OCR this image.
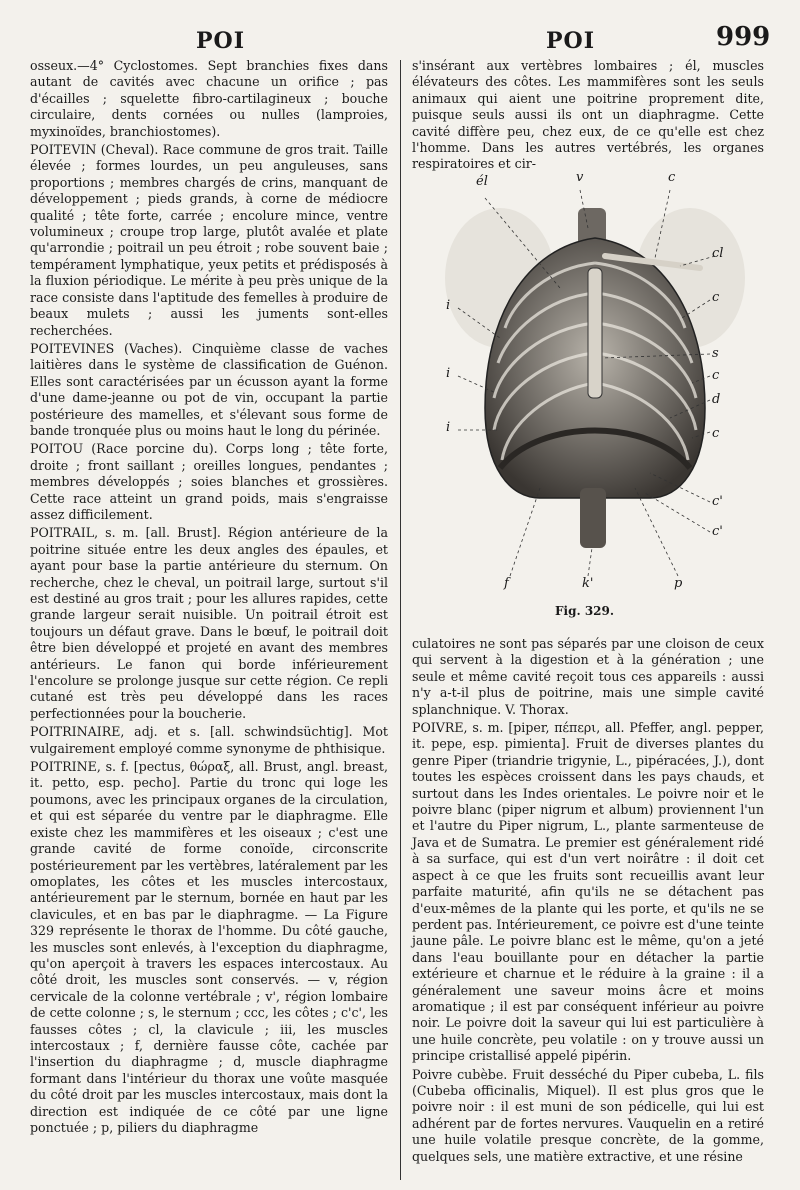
POI	POI	999

osseux.—4° Cyclostomes. Sept branchies fixes dans autant de cavités avec chacune un orifice ; pas d'écailles ; squelette fibro-cartilagineux ; bouche circulaire, dents cornées ou nulles (lamproies, myxinoïdes, branchiostomes).

POITEVIN (Cheval). Race commune de gros trait. Taille élevée ; formes lourdes, un peu anguleuses, sans proportions ; membres chargés de crins, manquant de développement ; pieds grands, à corne de médiocre qualité ; tête forte, carrée ; encolure mince, ventre volumineux ; croupe trop large, plutôt avalée et plate qu'arrondie ; poitrail un peu étroit ; robe souvent baie ; tempérament lymphatique, yeux petits et prédisposés à la fluxion périodique. Le mérite à peu près unique de la race consiste dans l'aptitude des femelles à produire de beaux mulets ; aussi les juments sont-elles recherchées.

POITEVINES (Vaches). Cinquième classe de vaches laitières dans le système de classification de Guénon. Elles sont caractérisées par un écusson ayant la forme d'une dame-jeanne ou pot de vin, occupant la partie postérieure des mamelles, et s'élevant sous forme de bande tronquée plus ou moins haut le long du périnée.

POITOU (Race porcine du). Corps long ; tête forte, droite ; front saillant ; oreilles longues, pendantes ; membres développés ; soies blanches et grossières. Cette race atteint un grand poids, mais s'engraisse assez difficilement.

POITRAIL, s. m. [all. Brust]. Région antérieure de la poitrine située entre les deux angles des épaules, et ayant pour base la partie antérieure du sternum. On recherche, chez le cheval, un poitrail large, surtout s'il est destiné au gros trait ; pour les allures rapides, cette grande largeur serait nuisible. Un poitrail étroit est toujours un défaut grave. Dans le bœuf, le poitrail doit être bien développé et projeté en avant des membres antérieurs. Le fanon qui borde inférieurement l'encolure se prolonge jusque sur cette région. Ce repli cutané est très peu développé dans les races perfectionnées pour la boucherie.

POITRINAIRE, adj. et s. [all. schwindsüchtig]. Mot vulgairement employé comme synonyme de phthisique.

POITRINE, s. f. [pectus, θώραξ, all. Brust, angl. breast, it. petto, esp. pecho]. Partie du tronc qui loge les poumons, avec les principaux organes de la circulation, et qui est séparée du ventre par le diaphragme. Elle existe chez les mammifères et les oiseaux ; c'est une grande cavité de forme conoïde, circonscrite postérieurement par les vertèbres, latéralement par les omoplates, les côtes et les muscles intercostaux, antérieurement par le sternum, bornée en haut par les clavicules, et en bas par le diaphragme. — La Figure 329 représente le thorax de l'homme. Du côté gauche, les muscles sont enlevés, à l'exception du diaphragme, qu'on aperçoit à travers les espaces intercostaux. Au côté droit, les muscles sont conservés. — v, région cervicale de la colonne vertébrale ; v', région lombaire de cette colonne ; s, le sternum ; ccc, les côtes ; c'c', les fausses côtes ; cl, la clavicule ; iii, les muscles intercostaux ; f, dernière fausse côte, cachée par l'insertion du diaphragme ; d, muscle diaphragme formant dans l'intérieur du thorax une voûte masquée du côté droit par les muscles intercostaux, mais dont la direction est indiquée de ce côté par une ligne ponctuée ; p, piliers du diaphragme

s'insérant aux vertèbres lombaires ; él, muscles élévateurs des côtes. Les mammifères sont les seuls animaux qui aient une poitrine proprement dite, puisque seuls aussi ils ont un diaphragme. Cette cavité diffère peu, chez eux, de ce qu'elle est chez l'homme. Dans les autres vertébrés, les organes respiratoires et cir-

él	v	c
cl
c
s
c
d
c
c'
c'
i
i
i
f	k'	p
Fig. 329.

culatoires ne sont pas séparés par une cloison de ceux qui servent à la digestion et à la génération ; une seule et même cavité reçoit tous ces appareils : aussi n'y a-t-il plus de poitrine, mais une simple cavité splanchnique. V. Thorax.

POIVRE, s. m. [piper, πέπερι, all. Pfeffer, angl. pepper, it. pepe, esp. pimienta]. Fruit de diverses plantes du genre Piper (triandrie trigynie, L., pipéracées, J.), dont toutes les espèces croissent dans les pays chauds, et surtout dans les Indes orientales. Le poivre noir et le poivre blanc (piper nigrum et album) proviennent l'un et l'autre du Piper nigrum, L., plante sarmenteuse de Java et de Sumatra. Le premier est généralement ridé à sa surface, qui est d'un vert noirâtre : il doit cet aspect à ce que les fruits sont recueillis avant leur parfaite maturité, afin qu'ils ne se détachent pas d'eux-mêmes de la plante qui les porte, et qu'ils ne se perdent pas. Intérieurement, ce poivre est d'une teinte jaune pâle. Le poivre blanc est le même, qu'on a jeté dans l'eau bouillante pour en détacher la partie extérieure et charnue et le réduire à la graine : il a généralement une saveur moins âcre et moins aromatique ; il est par conséquent inférieur au poivre noir. Le poivre doit la saveur qui lui est particulière à une huile concrète, peu volatile : on y trouve aussi un principe cristallisé appelé pipérin.

Poivre cubèbe. Fruit desséché du Piper cubeba, L. fils (Cubeba officinalis, Miquel). Il est plus gros que le poivre noir : il est muni de son pédicelle, qui lui est adhérent par de fortes nervures. Vauquelin en a retiré une huile volatile presque concrète, de la gomme, quelques sels, une matière extractive, et une résine
